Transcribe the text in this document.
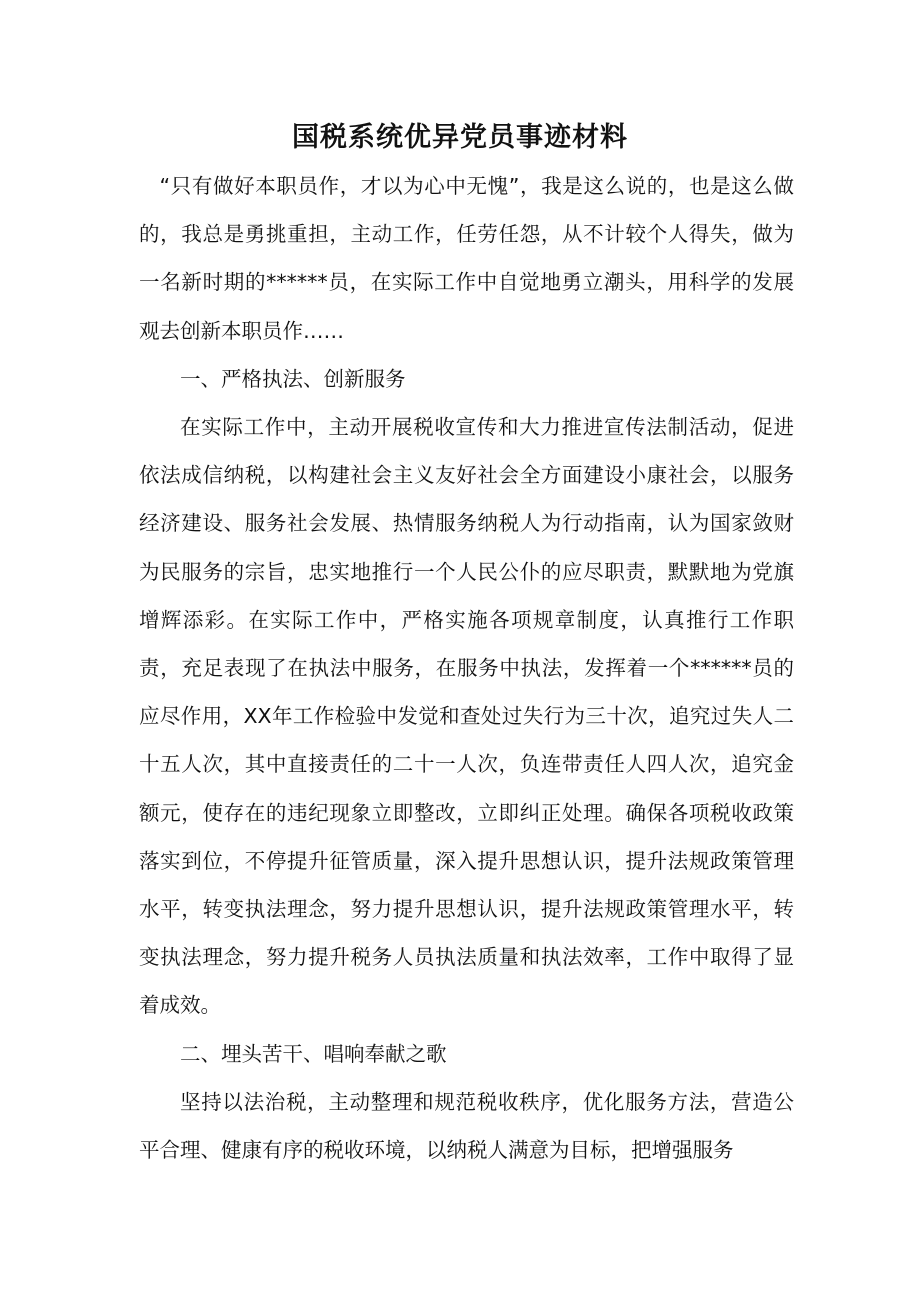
国税系统优异党员事迹材料

“只有做好本职员作，才以为心中无愧”，我是这么说的，也是这么做的，我总是勇挑重担，主动工作，任劳任怨，从不计较个人得失，做为一名新时期的******员，在实际工作中自觉地勇立潮头，用科学的发展观去创新本职员作……

一、严格执法、创新服务

在实际工作中，主动开展税收宣传和大力推进宣传法制活动，促进依法成信纳税，以构建社会主义友好社会全方面建设小康社会，以服务经济建设、服务社会发展、热情服务纳税人为行动指南，认为国家敛财为民服务的宗旨，忠实地推行一个人民公仆的应尽职责，默默地为党旗增辉添彩。在实际工作中，严格实施各项规章制度，认真推行工作职责，充足表现了在执法中服务，在服务中执法，发挥着一个******员的应尽作用，XX年工作检验中发觉和查处过失行为三十次，追究过失人二十五人次，其中直接责任的二十一人次，负连带责任人四人次，追究金额元，使存在的违纪现象立即整改，立即纠正处理。确保各项税收政策落实到位，不停提升征管质量，深入提升思想认识，提升法规政策管理水平，转变执法理念，努力提升思想认识，提升法规政策管理水平，转变执法理念，努力提升税务人员执法质量和执法效率，工作中取得了显着成效。

二、埋头苦干、唱响奉献之歌

坚持以法治税，主动整理和规范税收秩序，优化服务方法，营造公平合理、健康有序的税收环境，以纳税人满意为目标，把增强服务
